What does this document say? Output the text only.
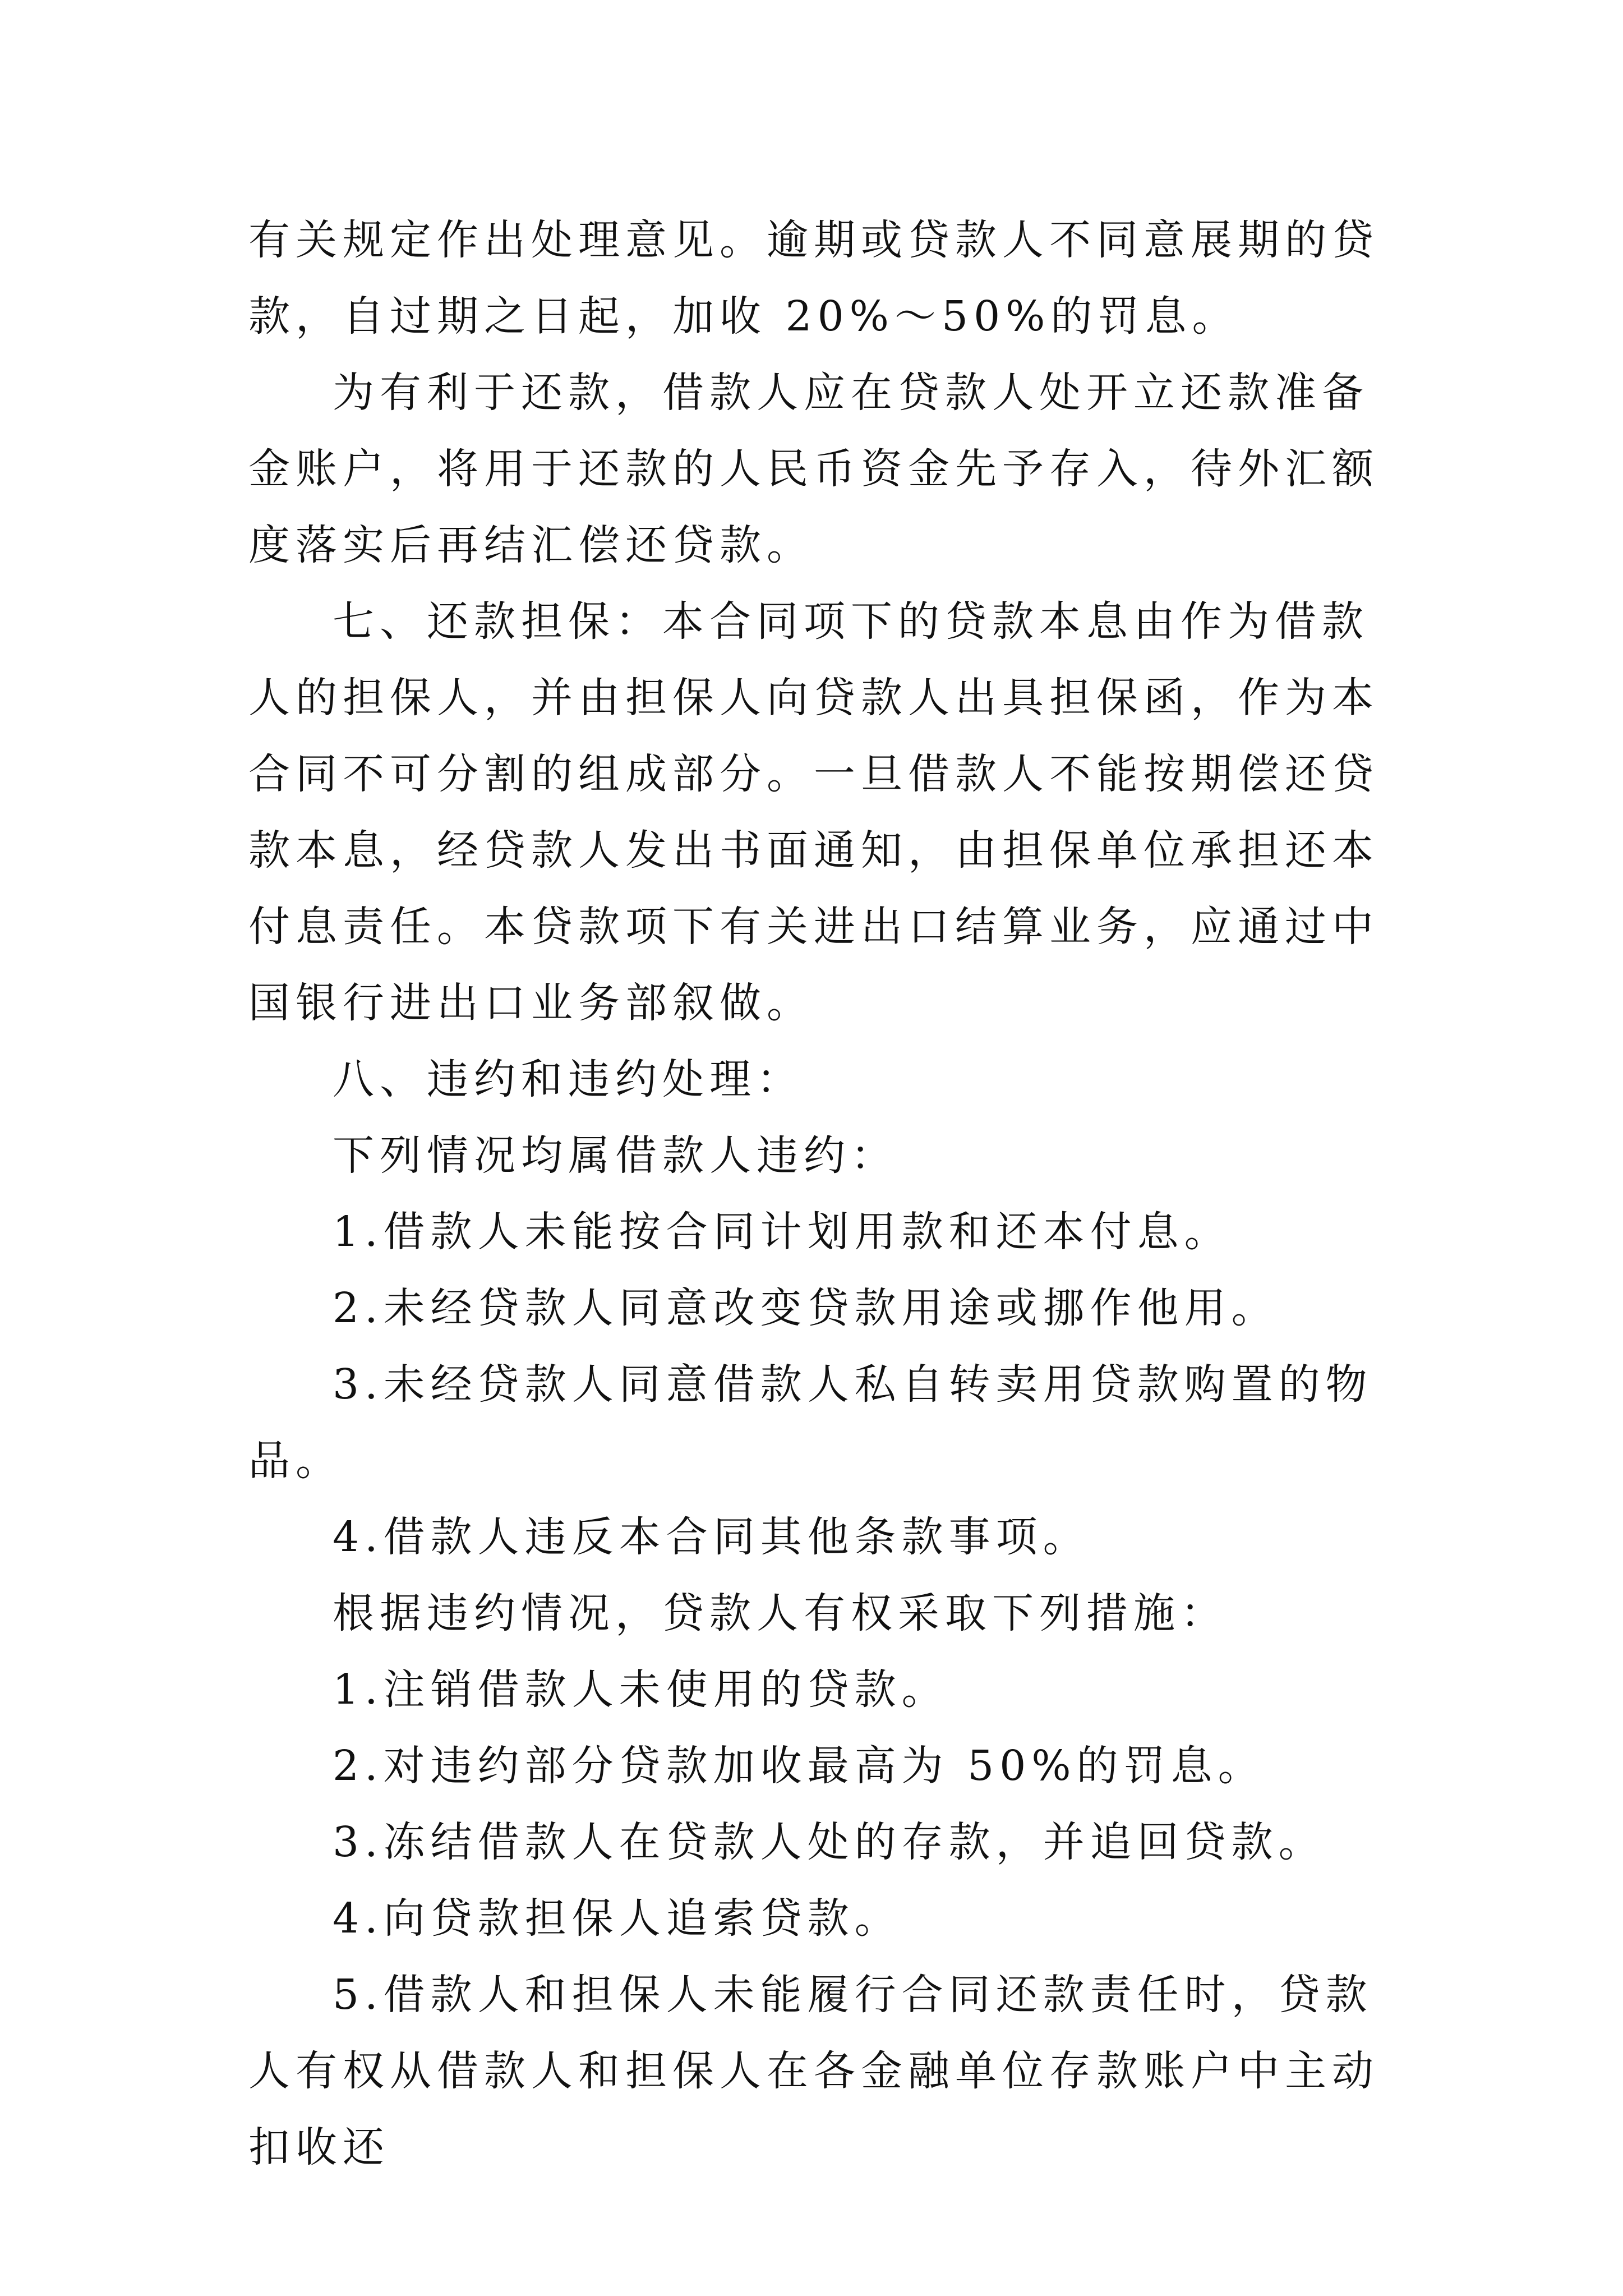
有关规定作出处理意见。逾期或贷款人不同意展期的贷款，自过期之日起，加收 20%～50%的罚息。

为有利于还款，借款人应在贷款人处开立还款准备金账户，将用于还款的人民币资金先予存入，待外汇额度落实后再结汇偿还贷款。

七、还款担保：本合同项下的贷款本息由作为借款人的担保人，并由担保人向贷款人出具担保函，作为本合同不可分割的组成部分。一旦借款人不能按期偿还贷款本息，经贷款人发出书面通知，由担保单位承担还本付息责任。本贷款项下有关进出口结算业务，应通过中国银行进出口业务部叙做。

八、违约和违约处理：

下列情况均属借款人违约：

1.借款人未能按合同计划用款和还本付息。

2.未经贷款人同意改变贷款用途或挪作他用。

3.未经贷款人同意借款人私自转卖用贷款购置的物品。

4.借款人违反本合同其他条款事项。

根据违约情况，贷款人有权采取下列措施：

1.注销借款人未使用的贷款。

2.对违约部分贷款加收最高为 50%的罚息。

3.冻结借款人在贷款人处的存款，并追回贷款。

4.向贷款担保人追索贷款。

5.借款人和担保人未能履行合同还款责任时，贷款人有权从借款人和担保人在各金融单位存款账户中主动扣收还
